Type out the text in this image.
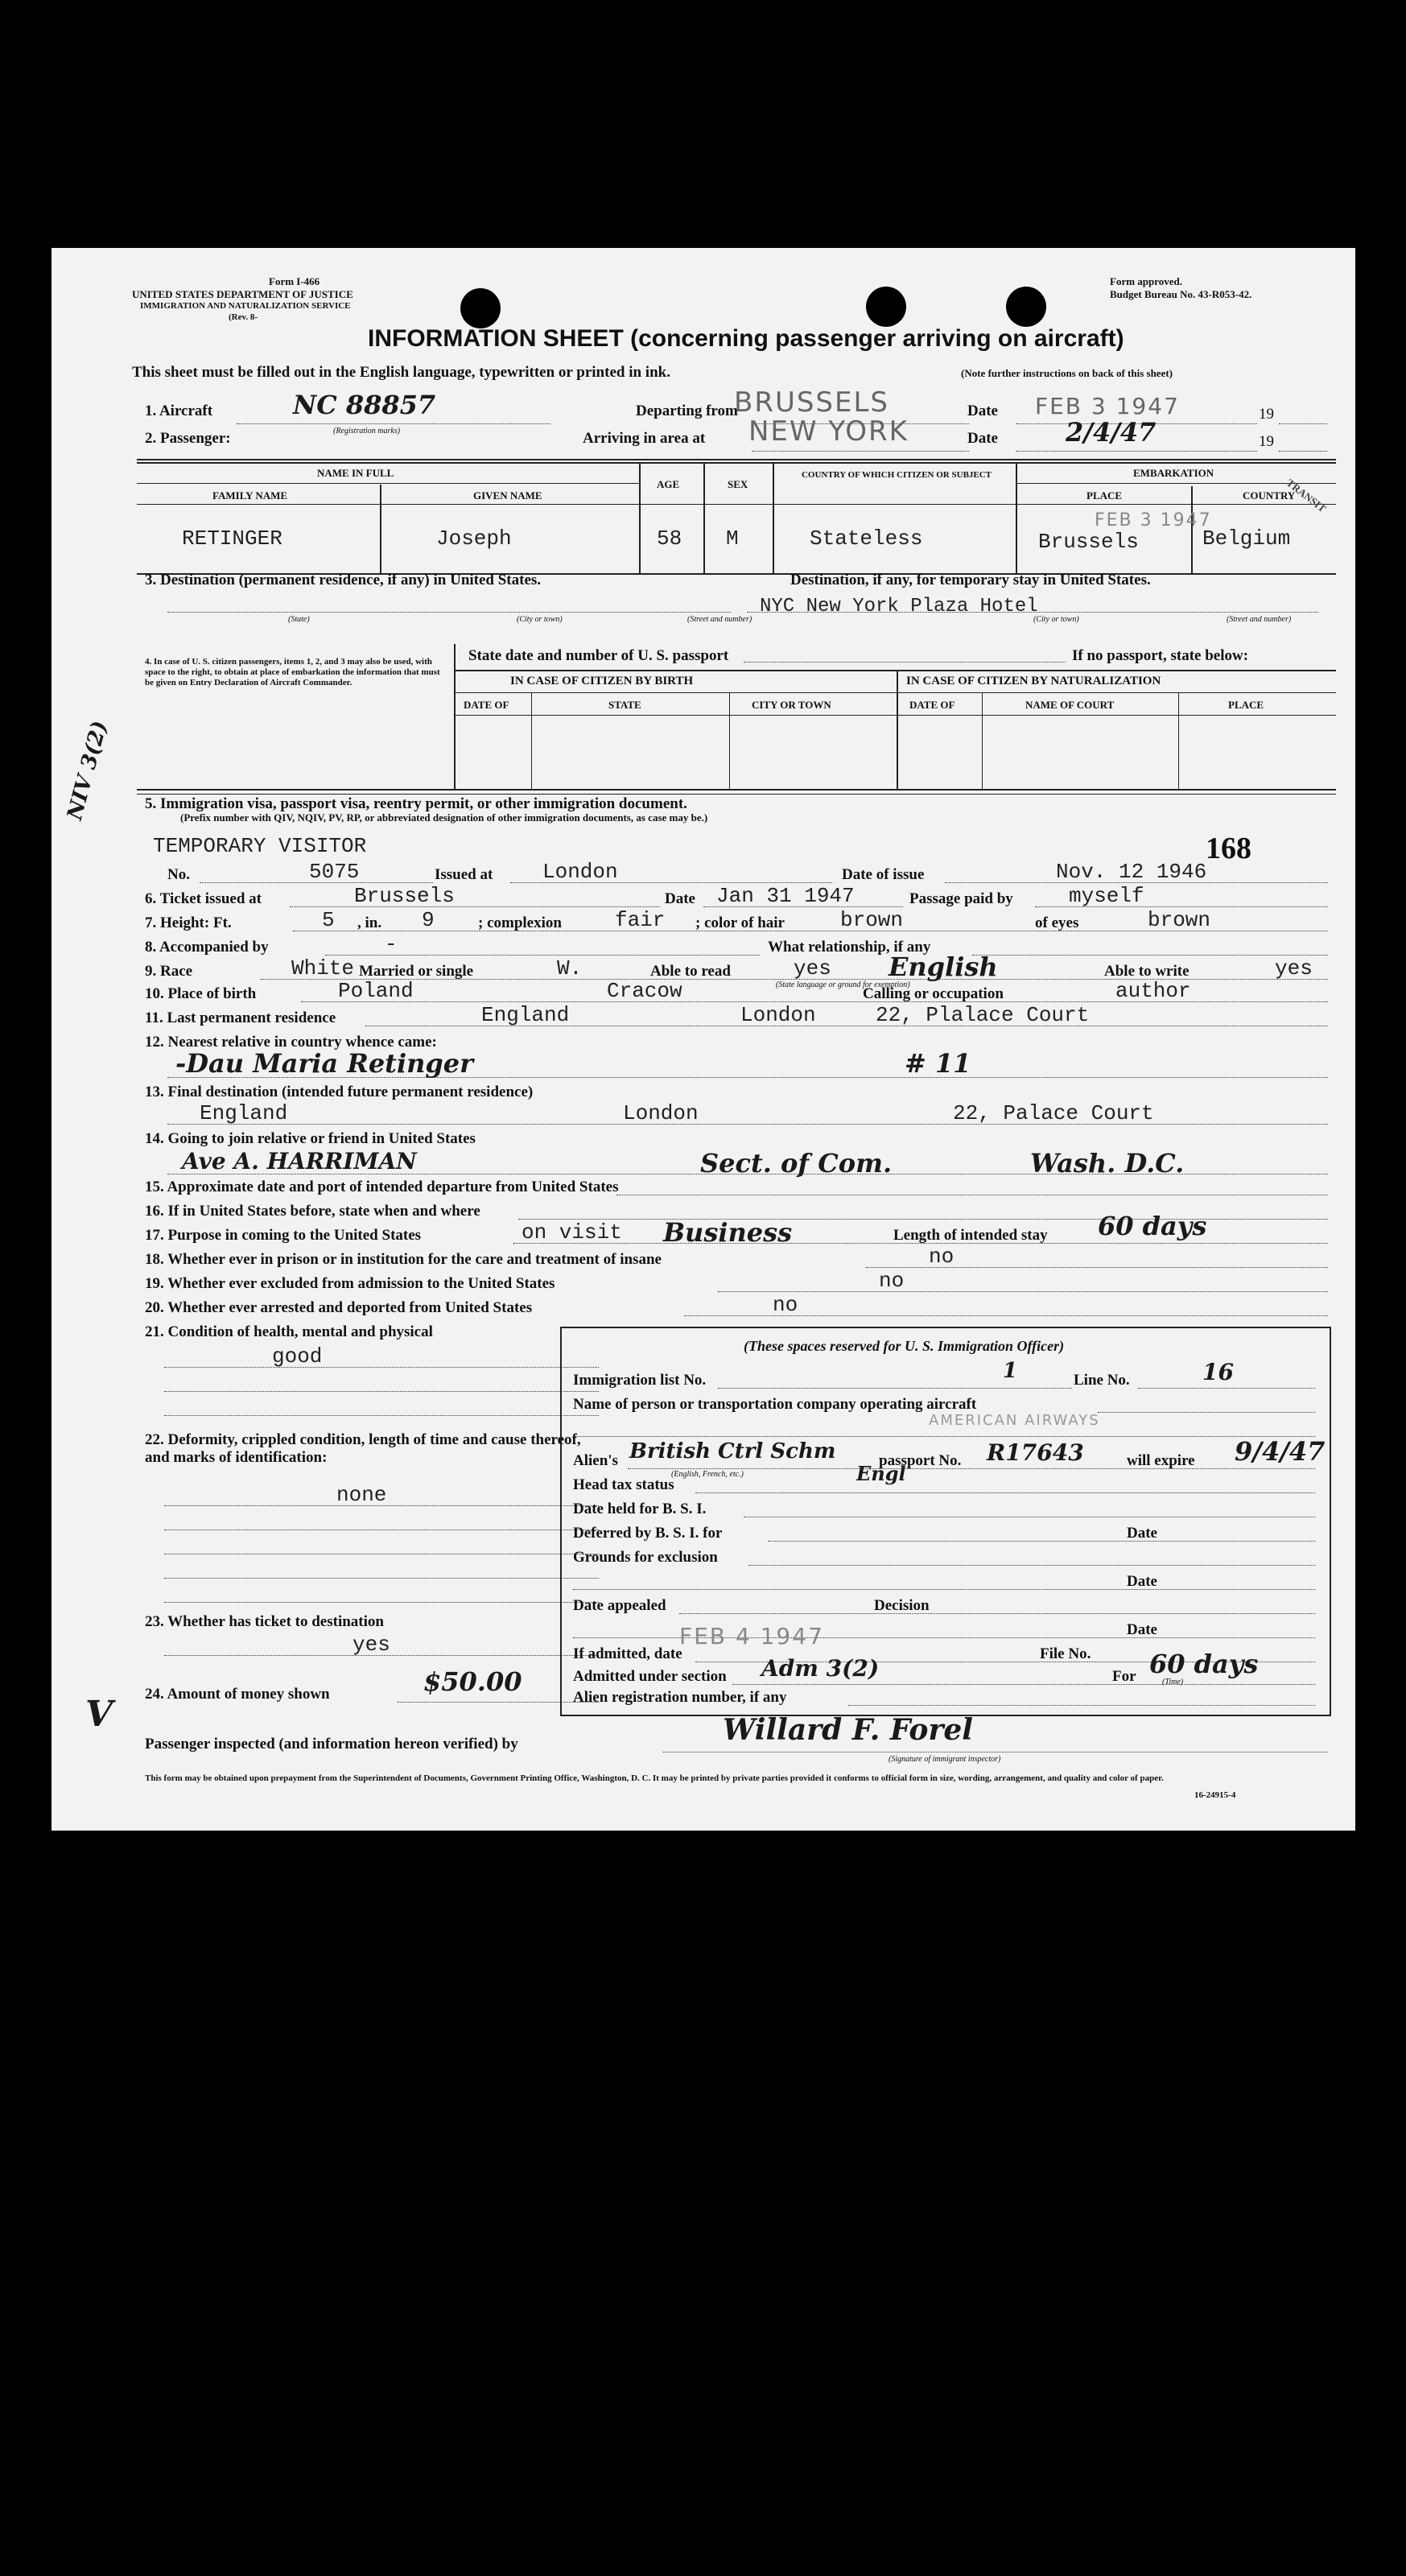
Form I-466
UNITED STATES DEPARTMENT OF JUSTICE
IMMIGRATION AND NATURALIZATION SERVICE
(Rev. 8-
Form approved.
Budget Bureau No. 43-R053-42.
INFORMATION SHEET (concerning passenger arriving on aircraft)
This sheet must be filled out in the English language, typewritten or printed in ink.	(Note further instructions on back of this sheet)
1. Aircraft	NC 88857
(Registration marks)
Departing from
BRUSSELS	Date FEB 3 1947	19
2. Passenger:	Arriving in area at NEW YORK	Date	2/4/47	19
NAME IN FULL
FAMILY NAME	GIVEN NAME
AGE	SEX
COUNTRY OF WHICH CITIZEN OR SUBJECT	EMBARKATION
PLACE	COUNTRY
RETINGER	Joseph	58 M	Stateless
FEB 3 1947
Brussels	Belgium
TRANSIT
3. Destination (permanent residence, if any) in United States.	Destination, if any, for temporary stay in United States.
NYC New York Plaza Hotel
(State)	(City or town)	(Street and number)	(City or town)	(Street and number)
4. In case of U. S. citizen passengers, items 1, 2, and 3 may also be used, with space to the right, to obtain at place of embarkation the information that must be given on Entry Declaration of Aircraft Commander.
State date and number of U. S. passport	If no passport, state below:
IN CASE OF CITIZEN BY BIRTH	IN CASE OF CITIZEN BY NATURALIZATION
DATE OF	STATE	CITY OR TOWN	DATE OF	NAME OF COURT	PLACE
5. Immigration visa, passport visa, reentry permit, or other immigration document.
(Prefix number with QIV, NQIV, PV, RP, or abbreviated designation of other immigration documents, as case may be.)
NIV 3(2)
TEMPORARY VISITOR	168
No.	5075	Issued at London	Date of issue	Nov. 12 1946
6. Ticket issued at	Brussels	Date Jan 31 1947	Passage paid by	myself
7. Height: Ft.	5 , in. 9	; complexion	fair ; color of hair	brown	of eyes	brown
8. Accompanied by	-	What relationship, if any
9. Race	White Married or single	W.	Able to read	yes English
(State language or ground for exemption)
Able to write	yes
10. Place of birth	Poland	Cracow	Calling or occupation	author
11. Last permanent residence	England	London	22, Plalace Court
12. Nearest relative in country whence came:
-Dau Maria Retinger	# 11
13. Final destination (intended future permanent residence)
England	London	22, Palace Court
14. Going to join relative or friend in United States
Ave A. HARRIMAN	Sect. of Com.	Wash. D.C.
15. Approximate date and port of intended departure from United States
16. If in United States before, state when and where
17. Purpose in coming to the United States	on visit Business	Length of intended stay 60 days
18. Whether ever in prison or in institution for the care and treatment of insane	no
19. Whether ever excluded from admission to the United States	no
20. Whether ever arrested and deported from United States	no
21. Condition of health, mental and physical
good
22. Deformity, crippled condition, length of time and cause thereof, and marks of identification:
none
23. Whether has ticket to destination
yes
24. Amount of money shown	$50.00
V
(These spaces reserved for U. S. Immigration Officer)
Immigration list No.	1	Line No.	16
Name of person or transportation company operating aircraft
AMERICAN AIRWAYS
Alien's British Ctrl Schm
(English, French, etc.)	Engl
passport No. R17643	will expire 9/4/47
Head tax status
Date held for B. S. I.
Deferred by B. S. I. for	Date
Grounds for exclusion
Date
Date appealed	Decision
Date
If admitted, date
FEB 4 1947
File No.
Admitted under section Adm 3(2)	For 60 days
(Time)
Alien registration number, if any
Passenger inspected (and information hereon verified) by	Willard F. Forel
(Signature of immigrant inspector)
This form may be obtained upon prepayment from the Superintendent of Documents, Government Printing Office, Washington, D. C. It may be printed by private parties provided it conforms to official form in size, wording, arrangement, and quality and color of paper.
16-24915-4
